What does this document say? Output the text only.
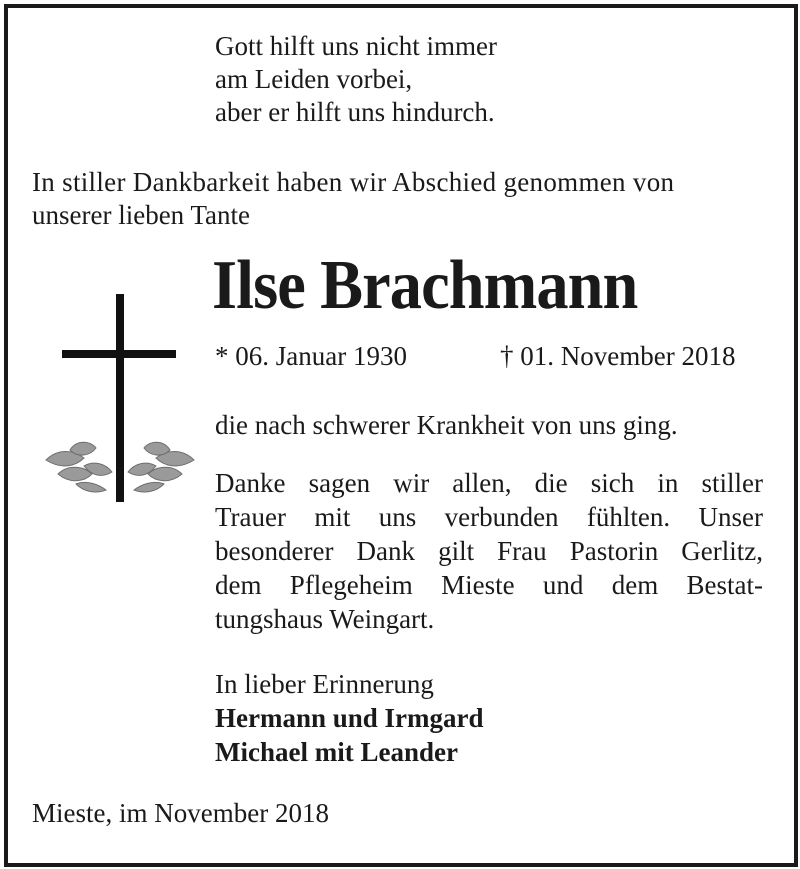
Gott hilft uns nicht immer
am Leiden vorbei,
aber er hilft uns hindurch.
In stiller Dankbarkeit haben wir Abschied genommen von
unserer lieben Tante
Ilse Brachmann
* 06. Januar 1930	† 01. November 2018
die nach schwerer Krankheit von uns ging.
Danke sagen wir allen, die sich in stiller
Trauer mit uns verbunden fühlten. Unser
besonderer Dank gilt Frau Pastorin Gerlitz,
dem Pflegeheim Mieste und dem Bestat-
tungshaus Weingart.
In lieber Erinnerung
Hermann und Irmgard
Michael mit Leander
Mieste, im November 2018
